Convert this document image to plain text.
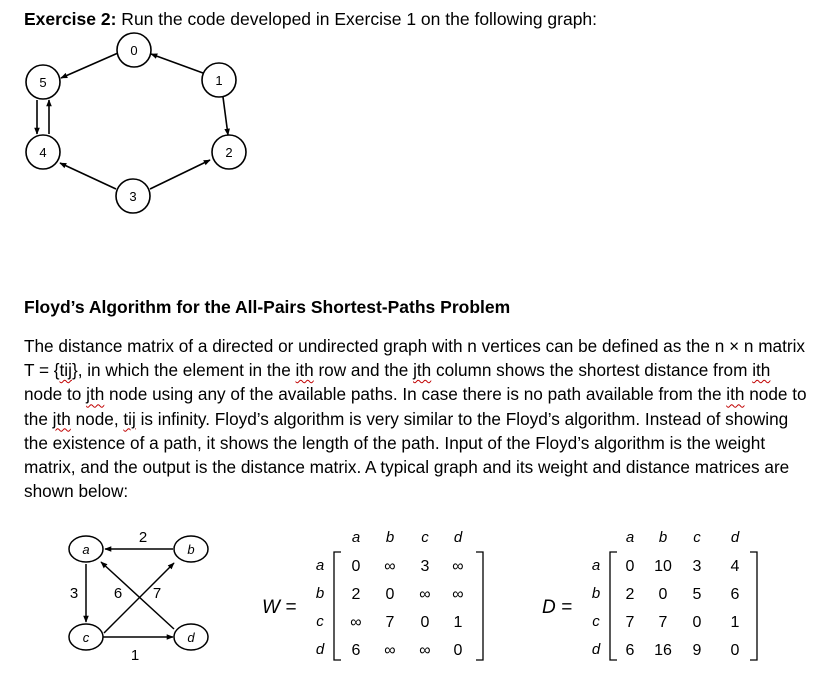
Exercise 2: Run the code developed in Exercise 1 on the following graph:
0
1
2
3
4
5
Floyd’s Algorithm for the All-Pairs Shortest-Paths Problem
The distance matrix of a directed or undirected graph with n vertices can be defined as the n × n matrix T = {tij}, in which the element in the ith row and the jth column shows the shortest distance from ith node to jth node using any of the available paths. In case there is no path available from the ith node to the jth node, tij is infinity. Floyd’s algorithm is very similar to the Floyd’s algorithm. Instead of showing the existence of a path, it shows the length of the path. Input of the Floyd’s algorithm is the weight matrix, and the output is the distance matrix. A typical graph and its weight and distance matrices are shown below:
a	b
c	d
2
3 6 7
1
W =
a b c d
a
b
c
d
0 ∞ 3 ∞
2 0 ∞ ∞
∞ 7 0 1
6 ∞ ∞ 0
D =
a b c d
a
b
c
d
0 10 3 4
2 0 5 6
7 7 0 1
6 16 9 0
